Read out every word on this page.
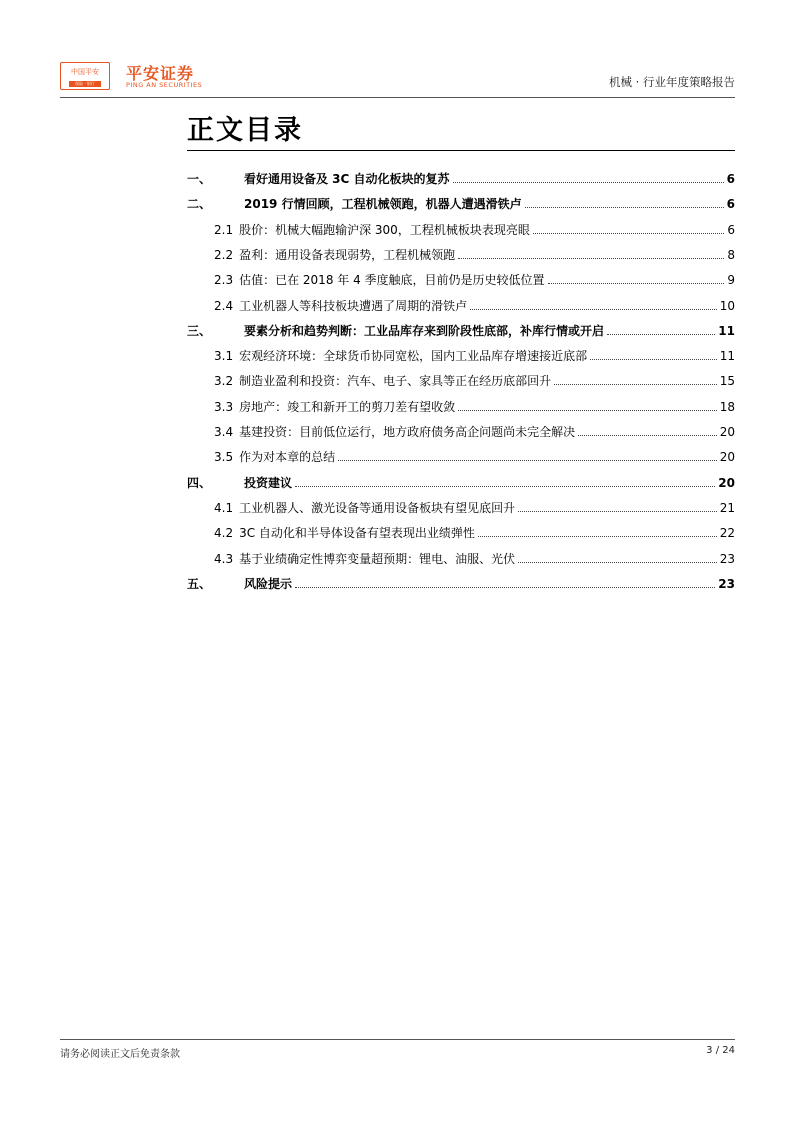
中国平安
保险 · 银行
平安证券
PING AN SECURITIES	机械 · 行业年度策略报告
正文目录
一、	看好通用设备及 3C 自动化板块的复苏	6
二、	2019 行情回顾，工程机械领跑，机器人遭遇滑铁卢	6
2.1 股价：机械大幅跑输沪深 300，工程机械板块表现亮眼	6
2.2 盈利：通用设备表现弱势，工程机械领跑	8
2.3 估值：已在 2018 年 4 季度触底，目前仍是历史较低位置	9
2.4 工业机器人等科技板块遭遇了周期的滑铁卢	10
三、	要素分析和趋势判断：工业品库存来到阶段性底部，补库行情或开启	11
3.1 宏观经济环境：全球货币协同宽松，国内工业品库存增速接近底部	11
3.2 制造业盈利和投资：汽车、电子、家具等正在经历底部回升	15
3.3 房地产：竣工和新开工的剪刀差有望收敛	18
3.4 基建投资：目前低位运行，地方政府债务高企问题尚未完全解决	20
3.5 作为对本章的总结	20
四、	投资建议	20
4.1 工业机器人、激光设备等通用设备板块有望见底回升	21
4.2 3C 自动化和半导体设备有望表现出业绩弹性	22
4.3 基于业绩确定性博弈变量超预期：锂电、油服、光伏	23
五、	风险提示	23
请务必阅读正文后免责条款	3 / 24
